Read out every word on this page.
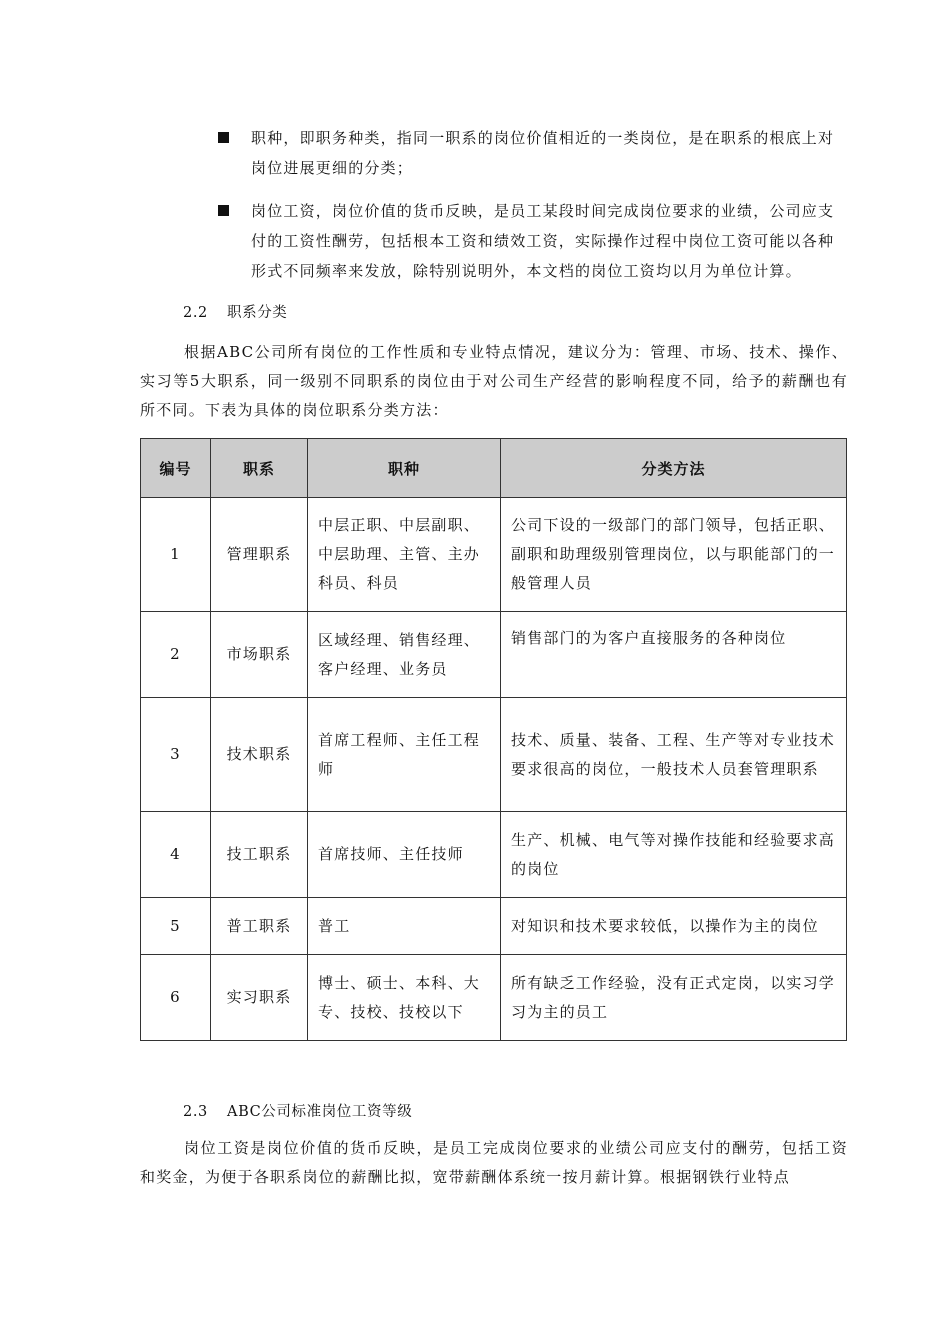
职种，即职务种类，指同一职系的岗位价值相近的一类岗位，是在职系的根底上对岗位进展更细的分类；
岗位工资，岗位价值的货币反映，是员工某段时间完成岗位要求的业绩，公司应支付的工资性酬劳，包括根本工资和绩效工资，实际操作过程中岗位工资可能以各种形式不同频率来发放，除特别说明外，本文档的岗位工资均以月为单位计算。
2.2 职系分类
根据ABC公司所有岗位的工作性质和专业特点情况，建议分为：管理、市场、技术、操作、实习等5大职系，同一级别不同职系的岗位由于对公司生产经营的影响程度不同，给予的薪酬也有所不同。下表为具体的岗位职系分类方法：
编号	职系	职种	分类方法
1	管理职系	中层正职、中层副职、中层助理、主管、主办科员、科员	公司下设的一级部门的部门领导，包括正职、副职和助理级别管理岗位，以与职能部门的一般管理人员
2	市场职系	区域经理、销售经理、客户经理、业务员	销售部门的为客户直接服务的各种岗位
3	技术职系	首席工程师、主任工程师	技术、质量、装备、工程、生产等对专业技术要求很高的岗位，一般技术人员套管理职系
4	技工职系	首席技师、主任技师	生产、机械、电气等对操作技能和经验要求高的岗位
5	普工职系	普工	对知识和技术要求较低，以操作为主的岗位
6	实习职系	博士、硕士、本科、大专、技校、技校以下	所有缺乏工作经验，没有正式定岗，以实习学习为主的员工
2.3 ABC公司标准岗位工资等级
岗位工资是岗位价值的货币反映，是员工完成岗位要求的业绩公司应支付的酬劳，包括工资和奖金，为便于各职系岗位的薪酬比拟，宽带薪酬体系统一按月薪计算。根据钢铁行业特点
